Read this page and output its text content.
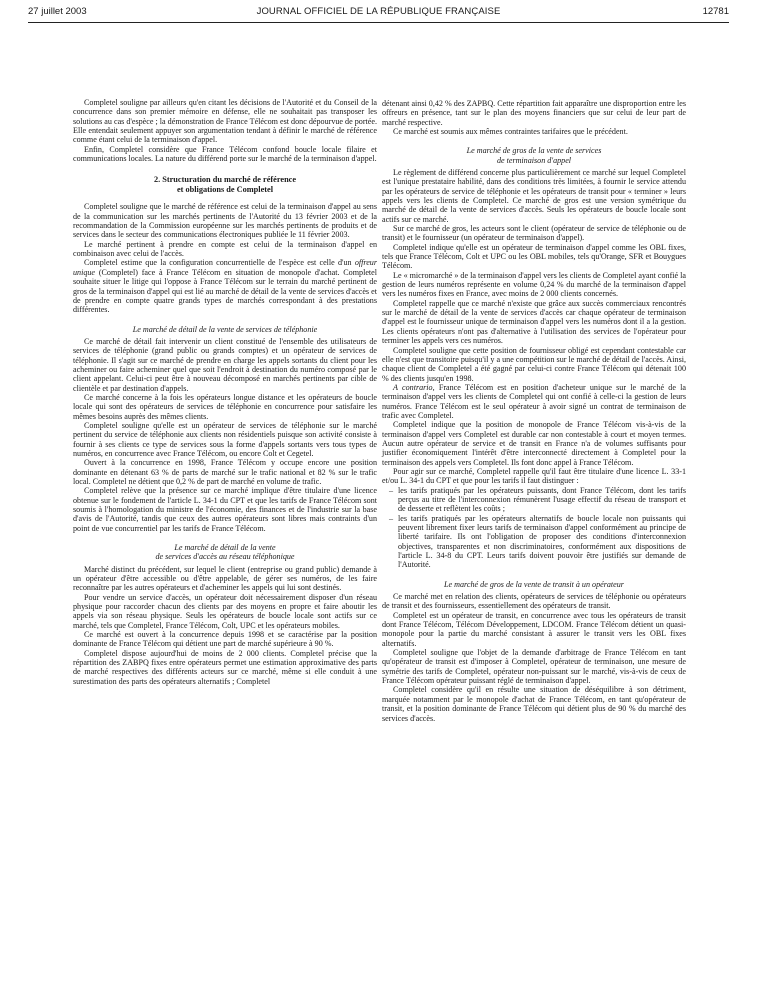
27 juillet 2003	JOURNAL OFFICIEL DE LA RÉPUBLIQUE FRANÇAISE	12781

Completel souligne par ailleurs qu'en citant les décisions de l'Autorité et du Conseil de la concurrence dans son premier mémoire en défense, elle ne souhaitait pas transposer les solutions au cas d'espèce ; la démonstration de France Télécom est donc dépourvue de portée. Elle entendait seulement appuyer son argumentation tendant à définir le marché de référence comme étant celui de la terminaison d'appel.

Enfin, Completel considère que France Télécom confond boucle locale filaire et communications locales. La nature du différend porte sur le marché de la terminaison d'appel.

2. Structuration du marché de référence
et obligations de Completel

Completel souligne que le marché de référence est celui de la terminaison d'appel au sens de la communication sur les marchés pertinents de l'Autorité du 13 février 2003 et de la recommandation de la Commission européenne sur les marchés pertinents de produits et de services dans le secteur des communications électroniques publiée le 11 février 2003.

Le marché pertinent à prendre en compte est celui de la terminaison d'appel en combinaison avec celui de l'accès.

Completel estime que la configuration concurrentielle de l'espèce est celle d'un offreur unique (Completel) face à France Télécom en situation de monopole d'achat. Completel souhaite situer le litige qui l'oppose à France Télécom sur le terrain du marché pertinent de gros de la terminaison d'appel qui est lié au marché de détail de la vente de services d'accès et de prendre en compte quatre grands types de marchés correspondant à des prestations différentes.

Le marché de détail de la vente de services de téléphonie

Ce marché de détail fait intervenir un client constitué de l'ensemble des utilisateurs de services de téléphonie (grand public ou grands comptes) et un opérateur de services de téléphonie. Il s'agit sur ce marché de prendre en charge les appels sortants du client pour les acheminer ou faire acheminer quel que soit l'endroit à destination du numéro composé par le client appelant. Celui-ci peut être à nouveau décomposé en marchés pertinents par cible de clientèle et par destination d'appels.

Ce marché concerne à la fois les opérateurs longue distance et les opérateurs de boucle locale qui sont des opérateurs de services de téléphonie en concurrence pour satisfaire les mêmes besoins auprès des mêmes clients.

Completel souligne qu'elle est un opérateur de services de téléphonie sur le marché pertinent du service de téléphonie aux clients non résidentiels puisque son activité consiste à fournir à ses clients ce type de services sous la forme d'appels sortants vers tous types de numéros, en concurrence avec France Télécom, ou encore Colt et Cegetel.

Ouvert à la concurrence en 1998, France Télécom y occupe encore une position dominante en détenant 63 % de parts de marché sur le trafic national et 82 % sur le trafic local. Completel ne détient que 0,2 % de part de marché en volume de trafic.

Completel relève que la présence sur ce marché implique d'être titulaire d'une licence obtenue sur le fondement de l'article L. 34-1 du CPT et que les tarifs de France Télécom sont soumis à l'homologation du ministre de l'économie, des finances et de l'industrie sur la base d'avis de l'Autorité, tandis que ceux des autres opérateurs sont libres mais contraints d'un point de vue concurrentiel par les tarifs de France Télécom.

Le marché de détail de la vente
de services d'accès au réseau téléphonique

Marché distinct du précédent, sur lequel le client (entreprise ou grand public) demande à un opérateur d'être accessible ou d'être appelable, de gérer ses numéros, de les faire reconnaître par les autres opérateurs et d'acheminer les appels qui lui sont destinés.

Pour vendre un service d'accès, un opérateur doit nécessairement disposer d'un réseau physique pour raccorder chacun des clients par des moyens en propre et faire aboutir les appels via son réseau physique. Seuls les opérateurs de boucle locale sont actifs sur ce marché, tels que Completel, France Télécom, Colt, UPC et les opérateurs mobiles.

Ce marché est ouvert à la concurrence depuis 1998 et se caractérise par la position dominante de France Télécom qui détient une part de marché supérieure à 90 %.

Completel dispose aujourd'hui de moins de 2 000 clients. Completel précise que la répartition des ZABPQ fixes entre opérateurs permet une estimation approximative des parts de marché respectives des différents acteurs sur ce marché, même si elle conduit à une surestimation des parts des opérateurs alternatifs ; Completel

détenant ainsi 0,42 % des ZAPBQ. Cette répartition fait apparaître une disproportion entre les offreurs en présence, tant sur le plan des moyens financiers que sur celui de leur part de marché respective.

Ce marché est soumis aux mêmes contraintes tarifaires que le précédent.

Le marché de gros de la vente de services
de terminaison d'appel

Le règlement de différend concerne plus particulièrement ce marché sur lequel Completel est l'unique prestataire habilité, dans des conditions très limitées, à fournir le service attendu par les opérateurs de service de téléphonie et les opérateurs de transit pour « terminer » leurs appels vers les clients de Completel. Ce marché de gros est une version symétrique du marché de détail de la vente de services d'accès. Seuls les opérateurs de boucle locale sont actifs sur ce marché.

Sur ce marché de gros, les acteurs sont le client (opérateur de service de téléphonie ou de transit) et le fournisseur (un opérateur de terminaison d'appel).

Completel indique qu'elle est un opérateur de terminaison d'appel comme les OBL fixes, tels que France Télécom, Colt et UPC ou les OBL mobiles, tels qu'Orange, SFR et Bouygues Télécom.

Le « micromarché » de la terminaison d'appel vers les clients de Completel ayant confié la gestion de leurs numéros représente en volume 0,24 % du marché de la terminaison d'appel vers les numéros fixes en France, avec moins de 2 000 clients concernés.

Completel rappelle que ce marché n'existe que grâce aux succès commerciaux rencontrés sur le marché de détail de la vente de services d'accès car chaque opérateur de terminaison d'appel est le fournisseur unique de terminaison d'appel vers les numéros dont il a la gestion. Les clients opérateurs n'ont pas d'alternative à l'utilisation des services de l'opérateur pour terminer les appels vers ces numéros.

Completel souligne que cette position de fournisseur obligé est cependant contestable car elle n'est que transitoire puisqu'il y a une compétition sur le marché de détail de l'accès. Ainsi, chaque client de Completel a été gagné par celui-ci contre France Télécom qui détenait 100 % des clients jusqu'en 1998.

A contrario, France Télécom est en position d'acheteur unique sur le marché de la terminaison d'appel vers les clients de Completel qui ont confié à celle-ci la gestion de leurs numéros. France Télécom est le seul opérateur à avoir signé un contrat de terminaison de trafic avec Completel.

Completel indique que la position de monopole de France Télécom vis-à-vis de la terminaison d'appel vers Completel est durable car non contestable à court et moyen termes. Aucun autre opérateur de service et de transit en France n'a de volumes suffisants pour justifier économiquement l'intérêt d'être interconnecté directement à Completel pour la terminaison des appels vers Completel. Ils font donc appel à France Télécom.

Pour agir sur ce marché, Completel rappelle qu'il faut être titulaire d'une licence L. 33-1 et/ou L. 34-1 du CPT et que pour les tarifs il faut distinguer :

– les tarifs pratiqués par les opérateurs puissants, dont France Télécom, dont les tarifs perçus au titre de l'interconnexion rémunèrent l'usage effectif du réseau de transport et de desserte et reflètent les coûts ;
– les tarifs pratiqués par les opérateurs alternatifs de boucle locale non puissants qui peuvent librement fixer leurs tarifs de terminaison d'appel conformément au principe de liberté tarifaire. Ils ont l'obligation de proposer des conditions d'interconnexion objectives, transparentes et non discriminatoires, conformément aux dispositions de l'article L. 34-8 du CPT. Leurs tarifs doivent pouvoir être justifiés sur demande de l'Autorité.
Le marché de gros de la vente de transit à un opérateur

Ce marché met en relation des clients, opérateurs de services de téléphonie ou opérateurs de transit et des fournisseurs, essentiellement des opérateurs de transit.

Completel est un opérateur de transit, en concurrence avec tous les opérateurs de transit dont France Télécom, Télécom Développement, LDCOM. France Télécom détient un quasi-monopole pour la partie du marché consistant à assurer le transit vers les OBL fixes alternatifs.

Completel souligne que l'objet de la demande d'arbitrage de France Télécom en tant qu'opérateur de transit est d'imposer à Completel, opérateur de terminaison, une mesure de symétrie des tarifs de Completel, opérateur non-puissant sur le marché, vis-à-vis de ceux de France Télécom opérateur puissant réglé de terminaison d'appel.

Completel considère qu'il en résulte une situation de déséquilibre à son détriment, marquée notamment par le monopole d'achat de France Télécom, en tant qu'opérateur de transit, et la position dominante de France Télécom qui détient plus de 90 % du marché des services d'accès.
